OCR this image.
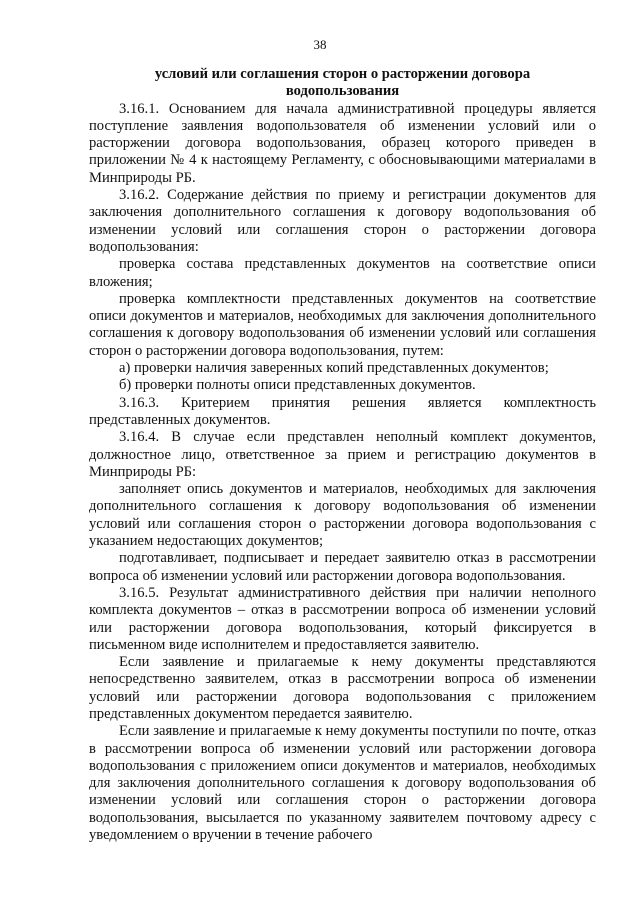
38
условий или соглашения сторон о расторжении договора водопользования

3.16.1. Основанием для начала административной процедуры является поступление заявления водопользователя об изменении условий или о расторжении договора водопользования, образец которого приведен в приложении № 4 к настоящему Регламенту, с обосновывающими материалами в Минприроды РБ.

3.16.2. Содержание действия по приему и регистрации документов для заключения дополнительного соглашения к договору водопользования об изменении условий или соглашения сторон о расторжении договора водопользования:

проверка состава представленных документов на соответствие описи вложения;

проверка комплектности представленных документов на соответствие описи документов и материалов, необходимых для заключения дополнительного соглашения к договору водопользования об изменении условий или соглашения сторон о расторжении договора водопользования, путем:

а) проверки наличия заверенных копий представленных документов;

б) проверки полноты описи представленных документов.

3.16.3. Критерием принятия решения является комплектность представленных документов.

3.16.4. В случае если представлен неполный комплект документов, должностное лицо, ответственное за прием и регистрацию документов в Минприроды РБ:

заполняет опись документов и материалов, необходимых для заключения дополнительного соглашения к договору водопользования об изменении условий или соглашения сторон о расторжении договора водопользования с указанием недостающих документов;

подготавливает, подписывает и передает заявителю отказ в рассмотрении вопроса об изменении условий или расторжении договора водопользования.

3.16.5. Результат административного действия при наличии неполного комплекта документов – отказ в рассмотрении вопроса об изменении условий или расторжении договора водопользования, который фиксируется в письменном виде исполнителем и предоставляется заявителю.

Если заявление и прилагаемые к нему документы представляются непосредственно заявителем, отказ в рассмотрении вопроса об изменении условий или расторжении договора водопользования с приложением представленных документом передается заявителю.

Если заявление и прилагаемые к нему документы поступили по почте, отказ в рассмотрении вопроса об изменении условий или расторжении договора водопользования с приложением описи документов и материалов, необходимых для заключения дополнительного соглашения к договору водопользования об изменении условий или соглашения сторон о расторжении договора водопользования, высылается по указанному заявителем почтовому адресу с уведомлением о вручении в течение рабочего
